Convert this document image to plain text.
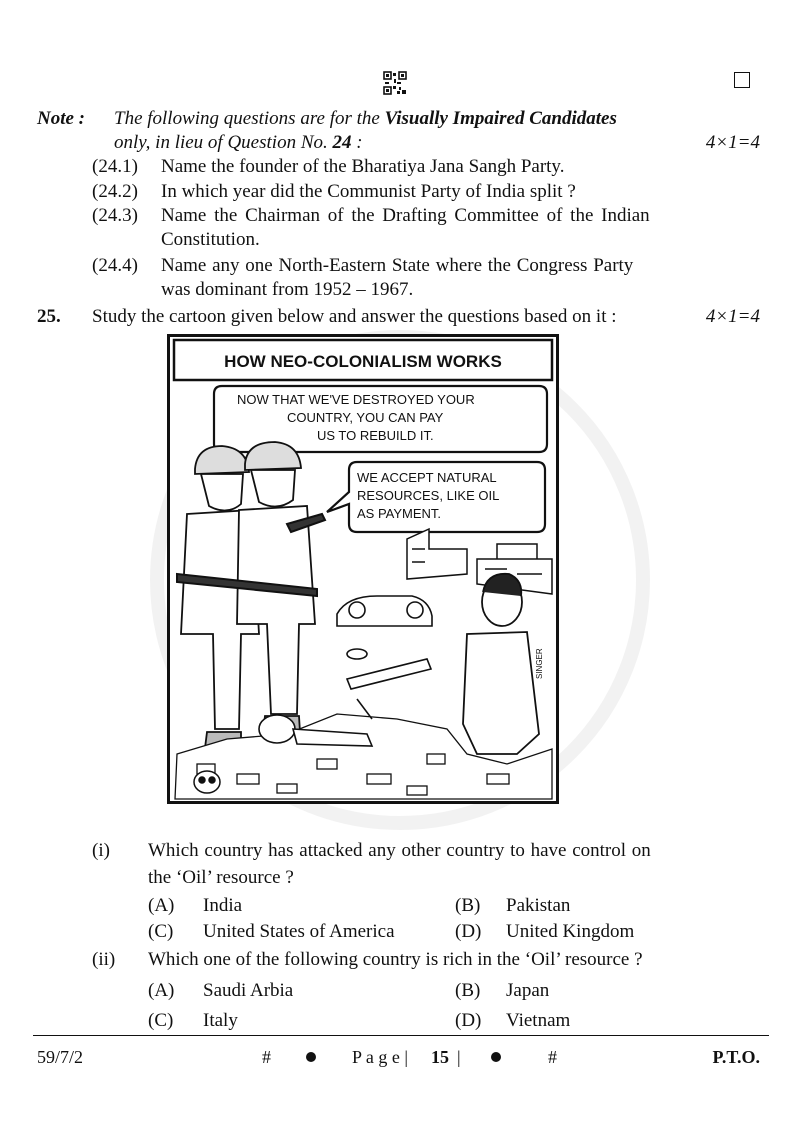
Note : The following questions are for the Visually Impaired Candidates
only, in lieu of Question No. 24 :	4×1=4
(24.1) Name the founder of the Bharatiya Jana Sangh Party.
(24.2) In which year did the Communist Party of India split ?
(24.3) Name the Chairman of the Drafting Committee of the Indian
Constitution.
(24.4) Name any one North-Eastern State where the Congress Party
was dominant from 1952 – 1967.
25. Study the cartoon given below and answer the questions based on it :	4×1=4
HOW NEO-COLONIALISM WORKS
NOW THAT WE'VE DESTROYED YOUR COUNTRY, YOU CAN PAY US TO REBUILD IT.
WE ACCEPT NATURAL RESOURCES, LIKE OIL AS PAYMENT.
SINGER
(i) Which country has attacked any other country to have control on
the ‘Oil’ resource ?
(A) India	(B) Pakistan
(C) United States of America	(D) United Kingdom
(ii) Which one of the following country is rich in the ‘Oil’ resource ?
(A) Saudi Arbia	(B) Japan
(C) Italy	(D) Vietnam
59/7/2	#	P a g e | 15 |	#	P.T.O.
